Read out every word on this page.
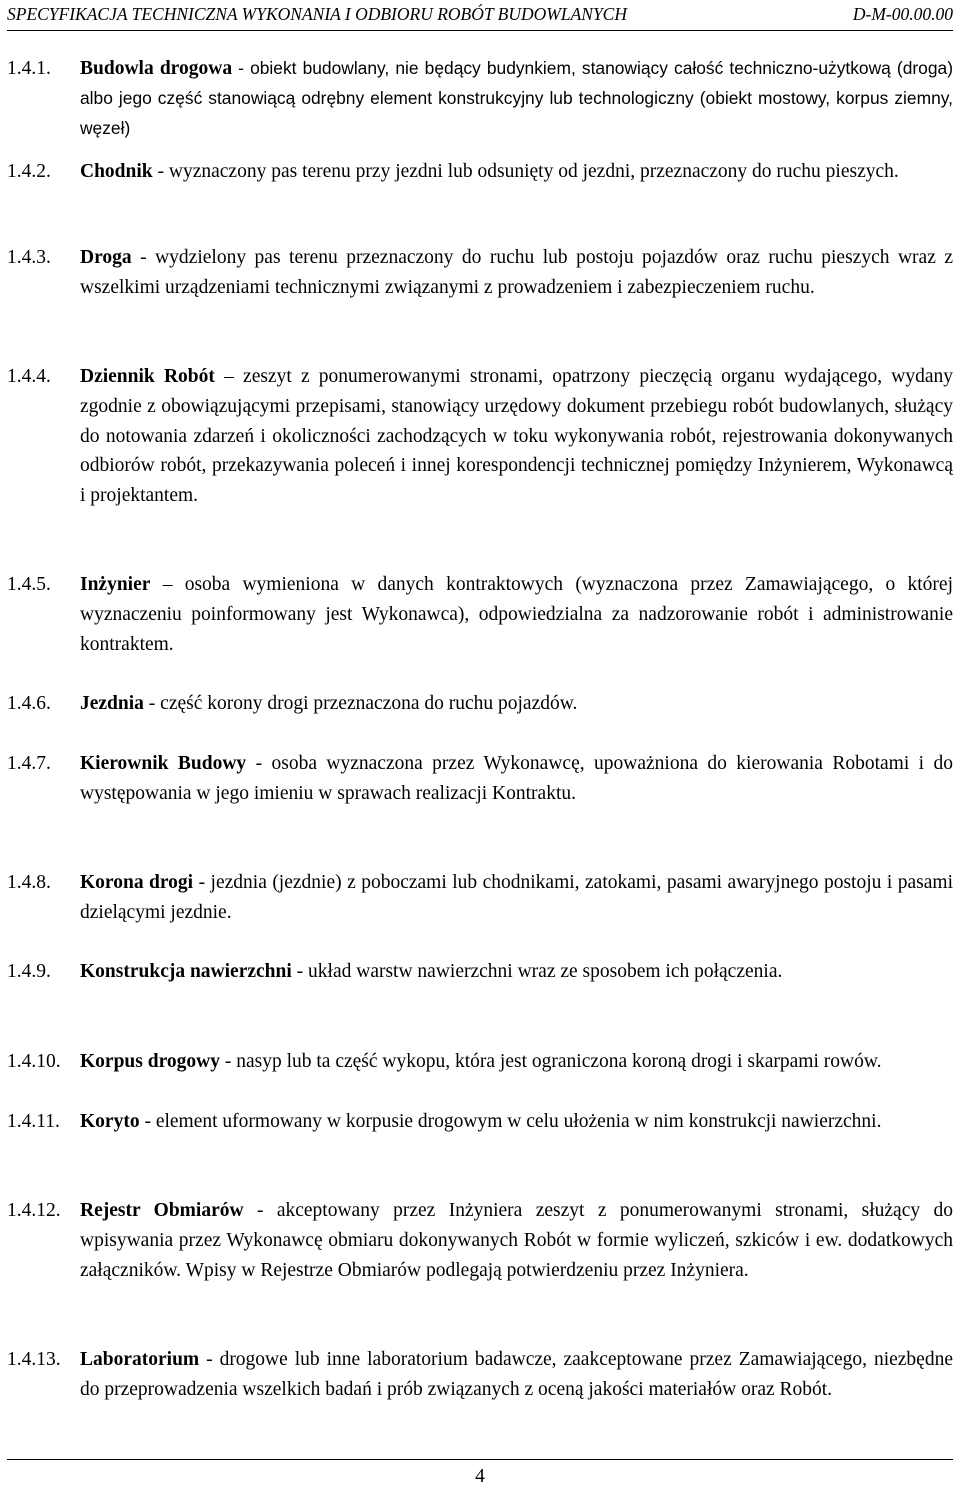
SPECYFIKACJA TECHNICZNA WYKONANIA I ODBIORU ROBÓT BUDOWLANYCH	D-M-00.00.00
1.4.1. Budowla drogowa - obiekt budowlany, nie będący budynkiem, stanowiący całość techniczno-użytkową (droga) albo jego część stanowiącą odrębny element konstrukcyjny lub technologiczny (obiekt mostowy, korpus ziemny, węzeł)
1.4.2. Chodnik - wyznaczony pas terenu przy jezdni lub odsunięty od jezdni, przeznaczony do ruchu pieszych.
1.4.3. Droga - wydzielony pas terenu przeznaczony do ruchu lub postoju pojazdów oraz ruchu pieszych wraz z wszelkimi urządzeniami technicznymi związanymi z prowadzeniem i zabezpieczeniem ruchu.
1.4.4. Dziennik Robót – zeszyt z ponumerowanymi stronami, opatrzony pieczęcią organu wydającego, wydany zgodnie z obowiązującymi przepisami, stanowiący urzędowy dokument przebiegu robót budowlanych, służący do notowania zdarzeń i okoliczności zachodzących w toku wykonywania robót, rejestrowania dokonywanych odbiorów robót, przekazywania poleceń i innej korespondencji technicznej pomiędzy Inżynierem, Wykonawcą i projektantem.
1.4.5. Inżynier – osoba wymieniona w danych kontraktowych (wyznaczona przez Zamawiającego, o której wyznaczeniu poinformowany jest Wykonawca), odpowiedzialna za nadzorowanie robót i administrowanie kontraktem.
1.4.6. Jezdnia - część korony drogi przeznaczona do ruchu pojazdów.
1.4.7. Kierownik Budowy - osoba wyznaczona przez Wykonawcę, upoważniona do kierowania Robotami i do występowania w jego imieniu w sprawach realizacji Kontraktu.
1.4.8. Korona drogi - jezdnia (jezdnie) z poboczami lub chodnikami, zatokami, pasami awaryjnego postoju i pasami dzielącymi jezdnie.
1.4.9. Konstrukcja nawierzchni - układ warstw nawierzchni wraz ze sposobem ich połączenia.
1.4.10. Korpus drogowy - nasyp lub ta część wykopu, która jest ograniczona koroną drogi i skarpami rowów.
1.4.11. Koryto - element uformowany w korpusie drogowym w celu ułożenia w nim konstrukcji nawierzchni.
1.4.12. Rejestr Obmiarów - akceptowany przez Inżyniera zeszyt z ponumerowanymi stronami, służący do wpisywania przez Wykonawcę obmiaru dokonywanych Robót w formie wyliczeń, szkiców i ew. dodatkowych załączników. Wpisy w Rejestrze Obmiarów podlegają potwierdzeniu przez Inżyniera.
1.4.13. Laboratorium - drogowe lub inne laboratorium badawcze, zaakceptowane przez Zamawiającego, niezbędne do przeprowadzenia wszelkich badań i prób związanych z oceną jakości materiałów oraz Robót.
4
